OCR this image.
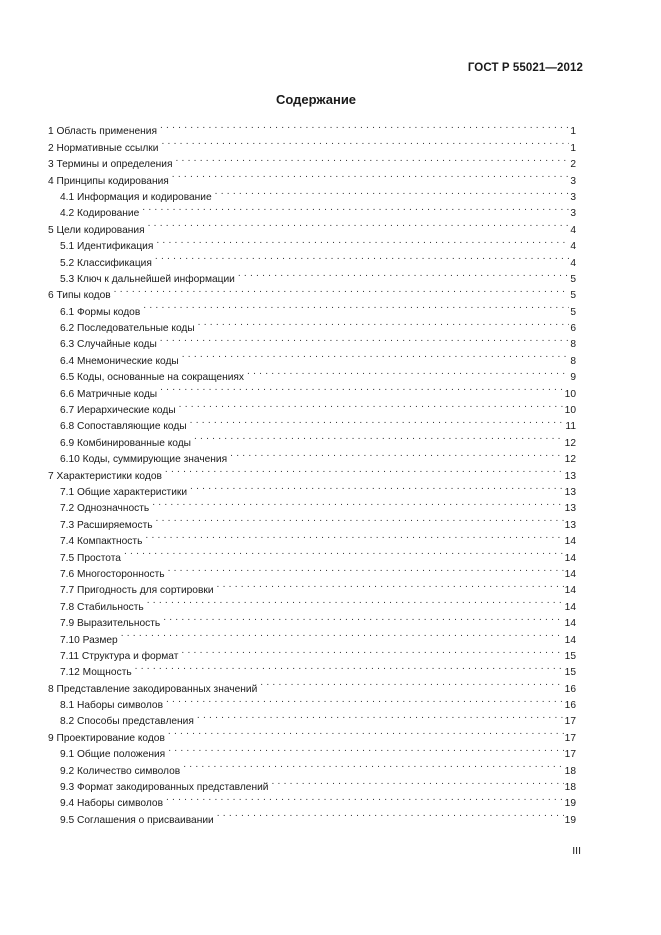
ГОСТ Р 55021—2012
Содержание
1 Область применения . . .	1
2 Нормативные ссылки . . .	1
3 Термины и определения . . .	2
4 Принципы кодирования . . .	3
4.1 Информация и кодирование . . .	3
4.2 Кодирование . . .	3
5 Цели кодирования . . .	4
5.1 Идентификация . . .	4
5.2 Классификация . . .	4
5.3 Ключ к дальнейшей информации . . .	5
6 Типы кодов . . .	5
6.1 Формы кодов . . .	5
6.2 Последовательные коды . . .	6
6.3 Случайные коды . . .	8
6.4 Мнемонические коды . . .	8
6.5 Коды, основанные на сокращениях . . .	9
6.6 Матричные коды . . .	10
6.7 Иерархические коды . . .	10
6.8 Сопоставляющие коды . . .	11
6.9 Комбинированные коды . . .	12
6.10 Коды, суммирующие значения . . .	12
7 Характеристики кодов . . .	13
7.1 Общие характеристики . . .	13
7.2 Однозначность . . .	13
7.3 Расширяемость . . .	13
7.4 Компактность . . .	14
7.5 Простота . . .	14
7.6 Многосторонность . . .	14
7.7 Пригодность для сортировки . . .	14
7.8 Стабильность . . .	14
7.9 Выразительность . . .	14
7.10 Размер . . .	14
7.11 Структура и формат . . .	15
7.12 Мощность . . .	15
8 Представление закодированных значений . . .	16
8.1 Наборы символов . . .	16
8.2 Способы представления . . .	17
9 Проектирование кодов . . .	17
9.1 Общие положения . . .	17
9.2 Количество символов . . .	18
9.3 Формат закодированных представлений . . .	18
9.4 Наборы символов . . .	19
9.5 Соглашения о присваивании . . .	19
III
